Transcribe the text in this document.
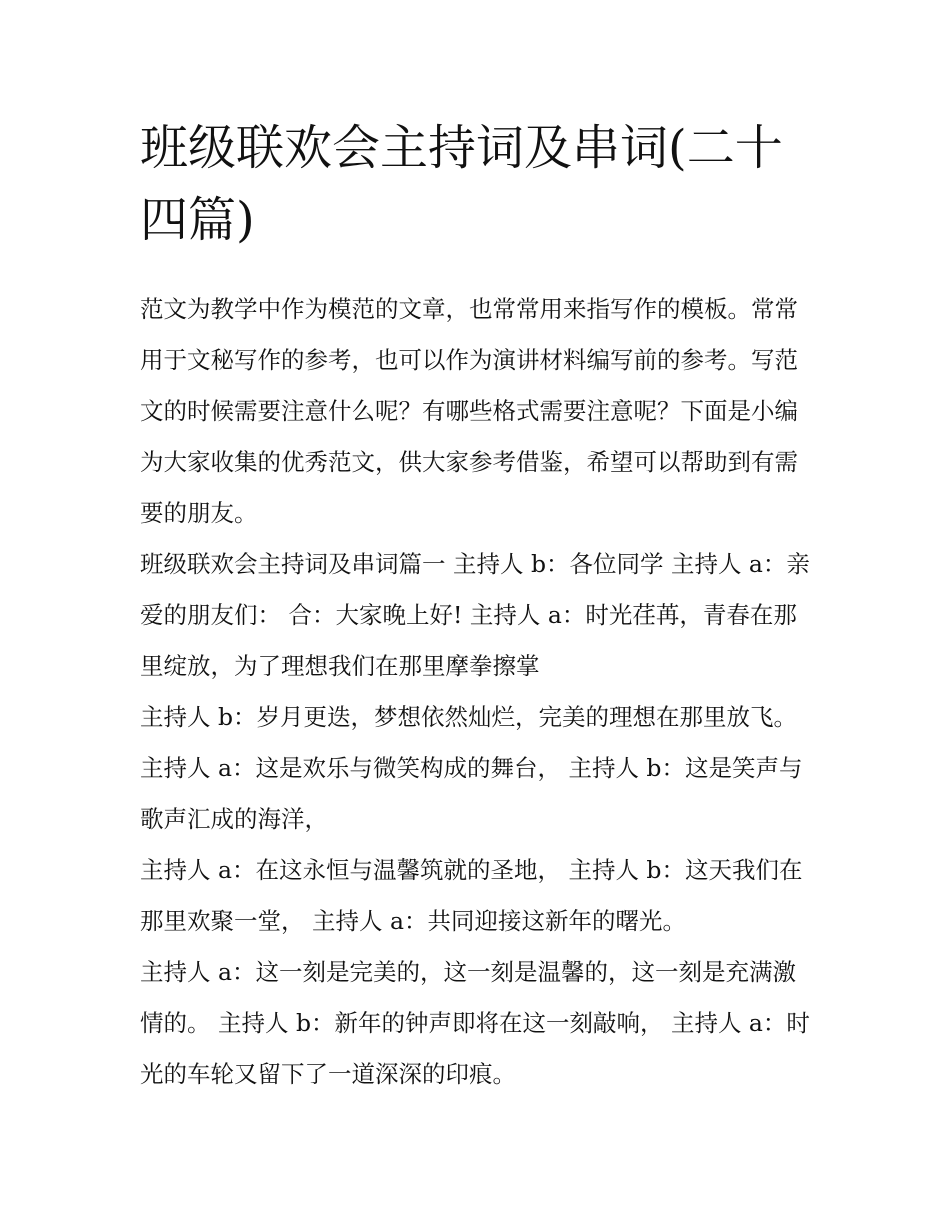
班级联欢会主持词及串词(二十四篇)

范文为教学中作为模范的文章，也常常用来指写作的模板。常常用于文秘写作的参考，也可以作为演讲材料编写前的参考。写范文的时候需要注意什么呢？有哪些格式需要注意呢？下面是小编为大家收集的优秀范文，供大家参考借鉴，希望可以帮助到有需要的朋友。

班级联欢会主持词及串词篇一 主持人 b：各位同学 主持人 a：亲爱的朋友们： 合：大家晚上好! 主持人 a：时光荏苒，青春在那里绽放，为了理想我们在那里摩拳擦掌

主持人 b：岁月更迭，梦想依然灿烂，完美的理想在那里放飞。 主持人 a：这是欢乐与微笑构成的舞台， 主持人 b：这是笑声与歌声汇成的海洋，

主持人 a：在这永恒与温馨筑就的圣地， 主持人 b：这天我们在那里欢聚一堂， 主持人 a：共同迎接这新年的曙光。

主持人 a：这一刻是完美的，这一刻是温馨的，这一刻是充满激情的。 主持人 b：新年的钟声即将在这一刻敲响， 主持人 a：时光的车轮又留下了一道深深的印痕。
